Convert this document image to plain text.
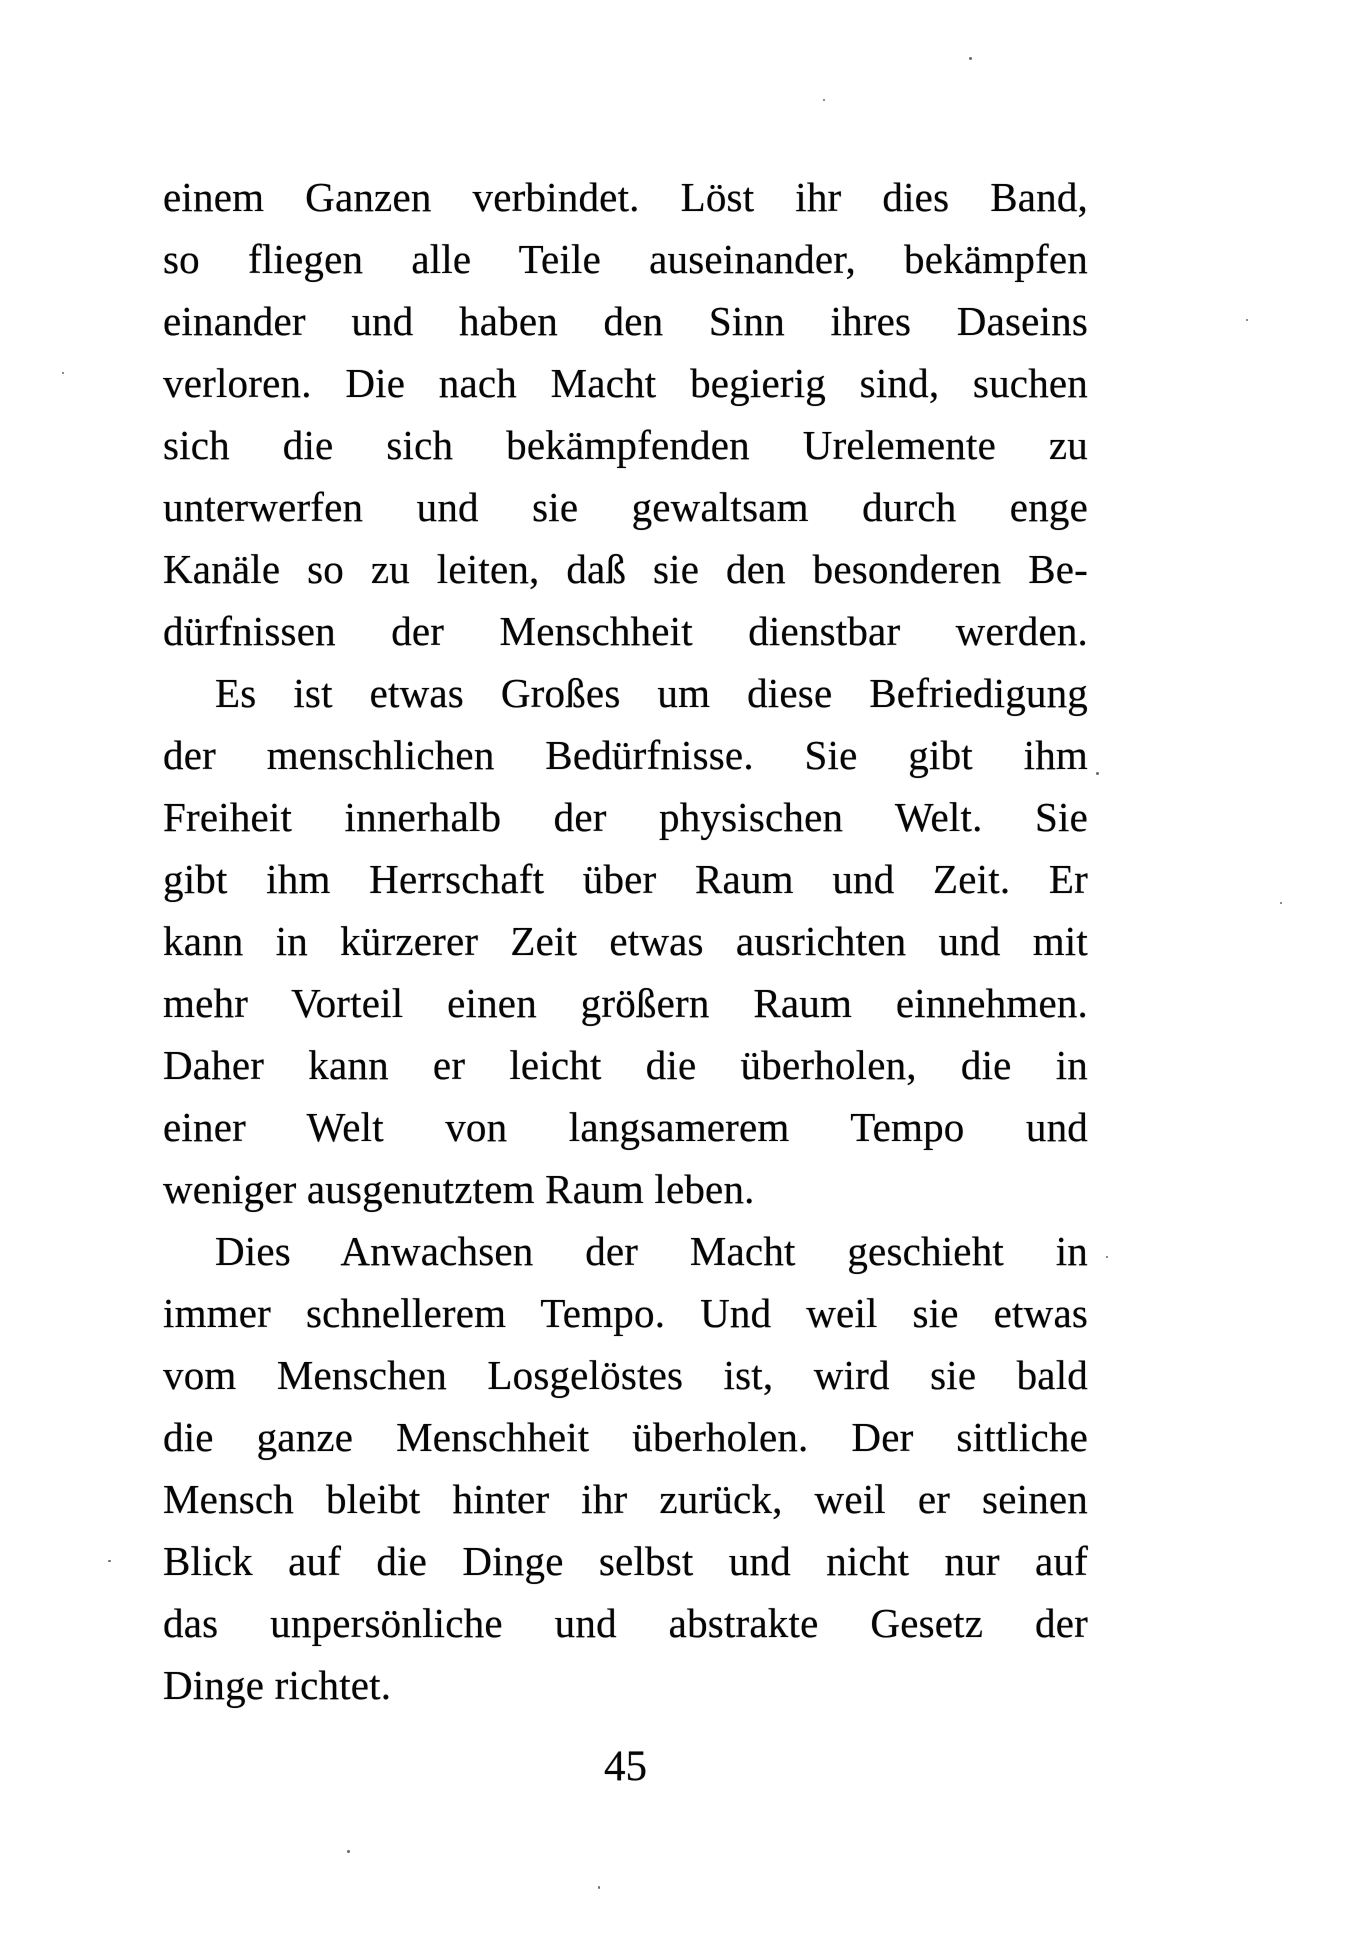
einem Ganzen verbindet. Löst ihr dies Band,
so fliegen alle Teile auseinander, bekämpfen
einander und haben den Sinn ihres Daseins
verloren. Die nach Macht begierig sind, suchen
sich die sich bekämpfenden Urelemente zu
unterwerfen und sie gewaltsam durch enge
Kanäle so zu leiten, daß sie den besonderen Be-
dürfnissen der Menschheit dienstbar werden.
Es ist etwas Großes um diese Befriedigung
der menschlichen Bedürfnisse. Sie gibt ihm
Freiheit innerhalb der physischen Welt. Sie
gibt ihm Herrschaft über Raum und Zeit. Er
kann in kürzerer Zeit etwas ausrichten und mit
mehr Vorteil einen größern Raum einnehmen.
Daher kann er leicht die überholen, die in
einer Welt von langsamerem Tempo und
weniger ausgenutztem Raum leben.
Dies Anwachsen der Macht geschieht in
immer schnellerem Tempo. Und weil sie etwas
vom Menschen Losgelöstes ist, wird sie bald
die ganze Menschheit überholen. Der sittliche
Mensch bleibt hinter ihr zurück, weil er seinen
Blick auf die Dinge selbst und nicht nur auf
das unpersönliche und abstrakte Gesetz der
Dinge richtet.
45
